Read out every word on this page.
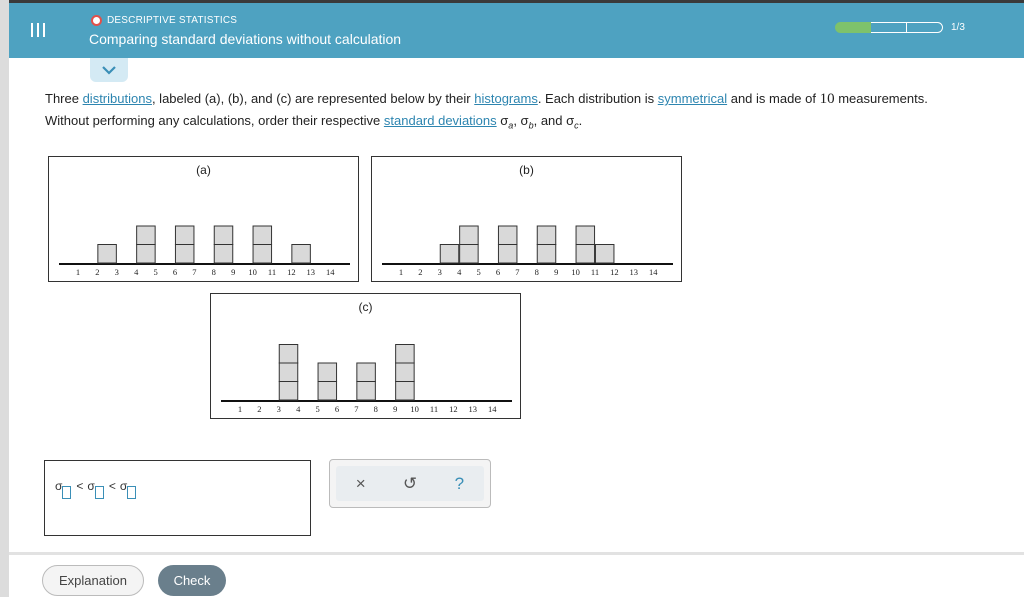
DESCRIPTIVE STATISTICS
Comparing standard deviations without calculation
1/3
Three distributions, labeled (a), (b), and (c) are represented below by their histograms. Each distribution is symmetrical and is made of 10 measurements.
Without performing any calculations, order their respective standard deviations $\sigma_a$, $\sigma_b$, and $\sigma_c$.
(a)
1 2 3 4 5 6 7 8 9 10 11 12 13 14
(b)
1 2 3 4 5 6 7 8 9 10 11 12 13 14
(c)
1 2 3 4 5 6 7 8 9 10 11 12 13 14
σ < σ < σ	×	↺	?
Explanation	Check
